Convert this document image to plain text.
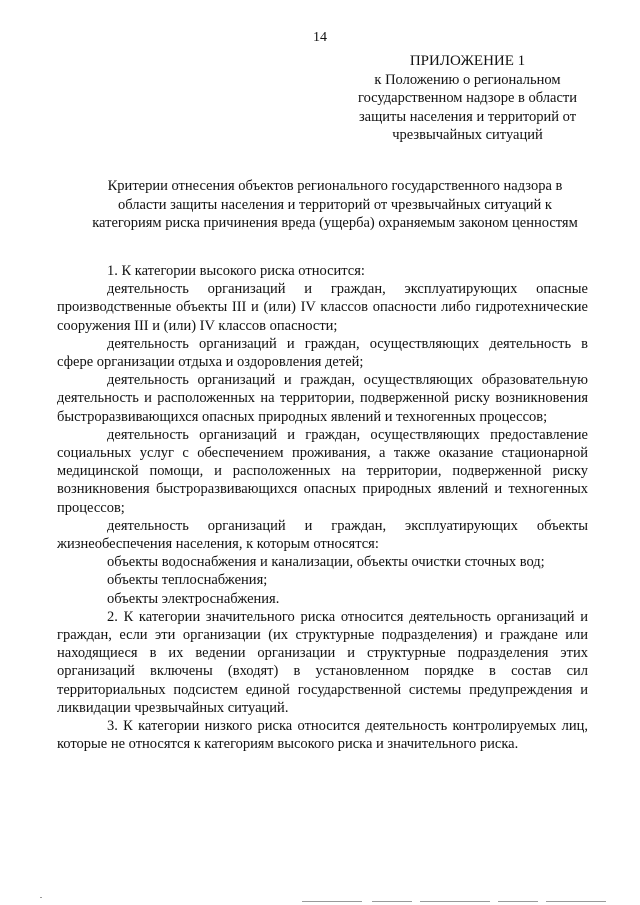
14
ПРИЛОЖЕНИЕ 1
к Положению о региональном
государственном надзоре в области
защиты населения и территорий от
чрезвычайных ситуаций
Критерии отнесения объектов регионального государственного надзора в
области защиты населения и территорий от чрезвычайных ситуаций к
категориям риска причинения вреда (ущерба) охраняемым законом ценностям

1. К категории высокого риска относится:

деятельность организаций и граждан, эксплуатирующих опасные производственные объекты III и (или) IV классов опасности либо гидротехнические сооружения III и (или) IV классов опасности;

деятельность организаций и граждан, осуществляющих деятельность в сфере организации отдыха и оздоровления детей;

деятельность организаций и граждан, осуществляющих образовательную деятельность и расположенных на территории, подверженной риску возникновения быстроразвивающихся опасных природных явлений и техногенных процессов;

деятельность организаций и граждан, осуществляющих предоставление социальных услуг с обеспечением проживания, а также оказание стационарной медицинской помощи, и расположенных на территории, подверженной риску возникновения быстроразвивающихся опасных природных явлений и техногенных процессов;

деятельность организаций и граждан, эксплуатирующих объекты жизнеобеспечения населения, к которым относятся:

объекты водоснабжения и канализации, объекты очистки сточных вод;

объекты теплоснабжения;

объекты электроснабжения.

2. К категории значительного риска относится деятельность организаций и граждан, если эти организации (их структурные подразделения) и граждане или находящиеся в их ведении организации и структурные подразделения этих организаций включены (входят) в установленном порядке в состав сил территориальных подсистем единой государственной системы предупреждения и ликвидации чрезвычайных ситуаций.

3. К категории низкого риска относится деятельность контролируемых лиц, которые не относятся к категориям высокого риска и значительного риска.
